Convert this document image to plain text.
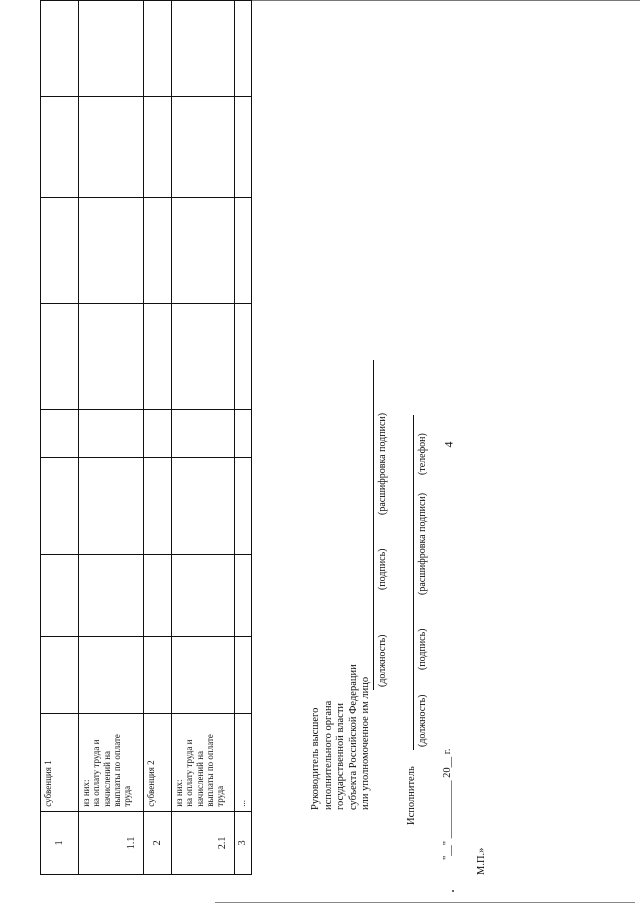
4
1	субвенция 1								
1.1	из них:
на оплату труда и
начислений на
выплаты по оплате
труда								
2	субвенция 2								
2.1	из них:
на оплату труда и
начислений на
выплаты по оплате
труда								
3	...									Руководитель высшего
исполнительного органа
государственной власти
субъекта Российской Федерации
или уполномоченное им лицо
(должность)
(подпись)
(расшифровка подписи)
Исполнитель
(должность)
(подпись)
(расшифровка подписи)
(телефон)
"__" ___________ 20__ г.
М.П.»
